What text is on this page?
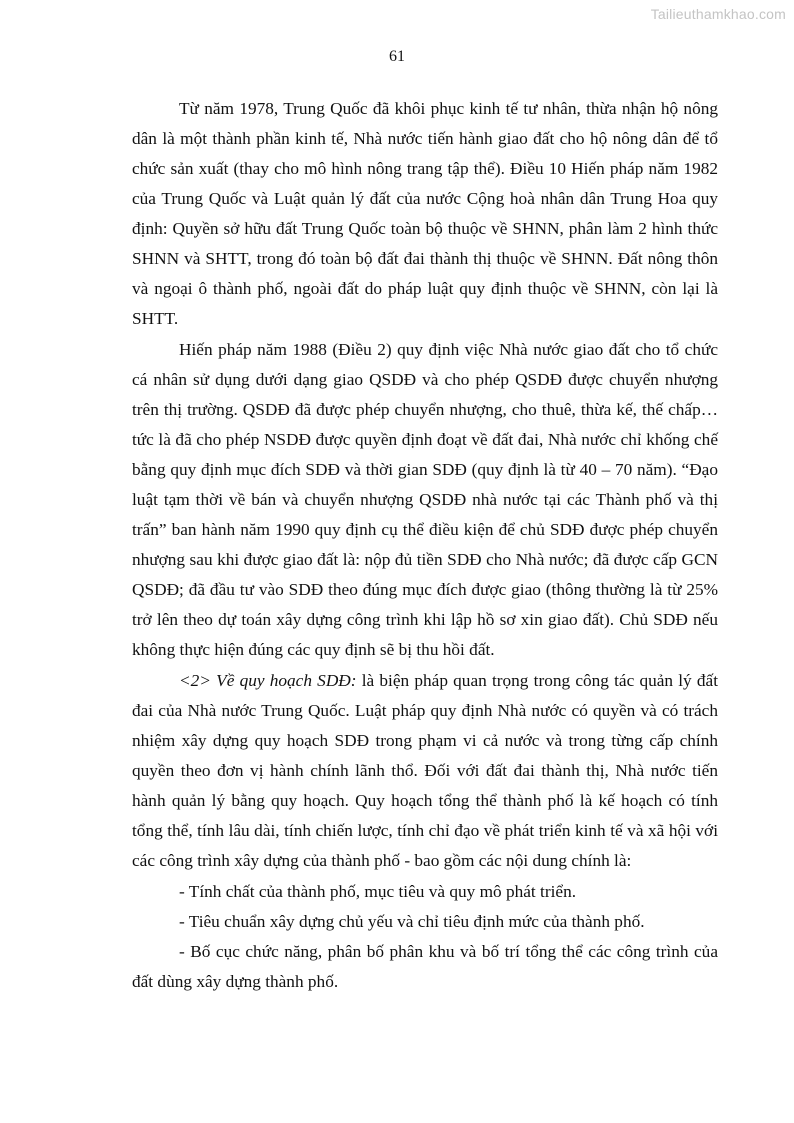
Tailieuthamkhao.com
61

Từ năm 1978, Trung Quốc đã khôi phục kinh tế tư nhân, thừa nhận hộ nông dân là một thành phần kinh tế, Nhà nước tiến hành giao đất cho hộ nông dân để tổ chức sản xuất (thay cho mô hình nông trang tập thể). Điều 10 Hiến pháp năm 1982 của Trung Quốc và Luật quản lý đất của nước Cộng hoà nhân dân Trung Hoa quy định: Quyền sở hữu đất Trung Quốc toàn bộ thuộc về SHNN, phân làm 2 hình thức SHNN và SHTT, trong đó toàn bộ đất đai thành thị thuộc về SHNN. Đất nông thôn và ngoại ô thành phố, ngoài đất do pháp luật quy định thuộc về SHNN, còn lại là SHTT.

Hiến pháp năm 1988 (Điều 2) quy định việc Nhà nước giao đất cho tổ chức cá nhân sử dụng dưới dạng giao QSDĐ và cho phép QSDĐ được chuyển nhượng trên thị trường. QSDĐ đã được phép chuyển nhượng, cho thuê, thừa kế, thế chấp… tức là đã cho phép NSDĐ được quyền định đoạt về đất đai, Nhà nước chỉ khống chế bằng quy định mục đích SDĐ và thời gian SDĐ (quy định là từ 40 – 70 năm). “Đạo luật tạm thời về bán và chuyển nhượng QSDĐ nhà nước tại các Thành phố và thị trấn” ban hành năm 1990 quy định cụ thể điều kiện để chủ SDĐ được phép chuyển nhượng sau khi được giao đất là: nộp đủ tiền SDĐ cho Nhà nước; đã được cấp GCN QSDĐ; đã đầu tư vào SDĐ theo đúng mục đích được giao (thông thường là từ 25% trở lên theo dự toán xây dựng công trình khi lập hồ sơ xin giao đất). Chủ SDĐ nếu không thực hiện đúng các quy định sẽ bị thu hồi đất.

<2> Về quy hoạch SDĐ: là biện pháp quan trọng trong công tác quản lý đất đai của Nhà nước Trung Quốc. Luật pháp quy định Nhà nước có quyền và có trách nhiệm xây dựng quy hoạch SDĐ trong phạm vi cả nước và trong từng cấp chính quyền theo đơn vị hành chính lãnh thổ. Đối với đất đai thành thị, Nhà nước tiến hành quản lý bằng quy hoạch. Quy hoạch tổng thể thành phố là kế hoạch có tính tổng thể, tính lâu dài, tính chiến lược, tính chỉ đạo về phát triển kinh tế và xã hội với các công trình xây dựng của thành phố - bao gồm các nội dung chính là:

- Tính chất của thành phố, mục tiêu và quy mô phát triển.

- Tiêu chuẩn xây dựng chủ yếu và chỉ tiêu định mức của thành phố.

- Bố cục chức năng, phân bố phân khu và bố trí tổng thể các công trình của đất dùng xây dựng thành phố.
